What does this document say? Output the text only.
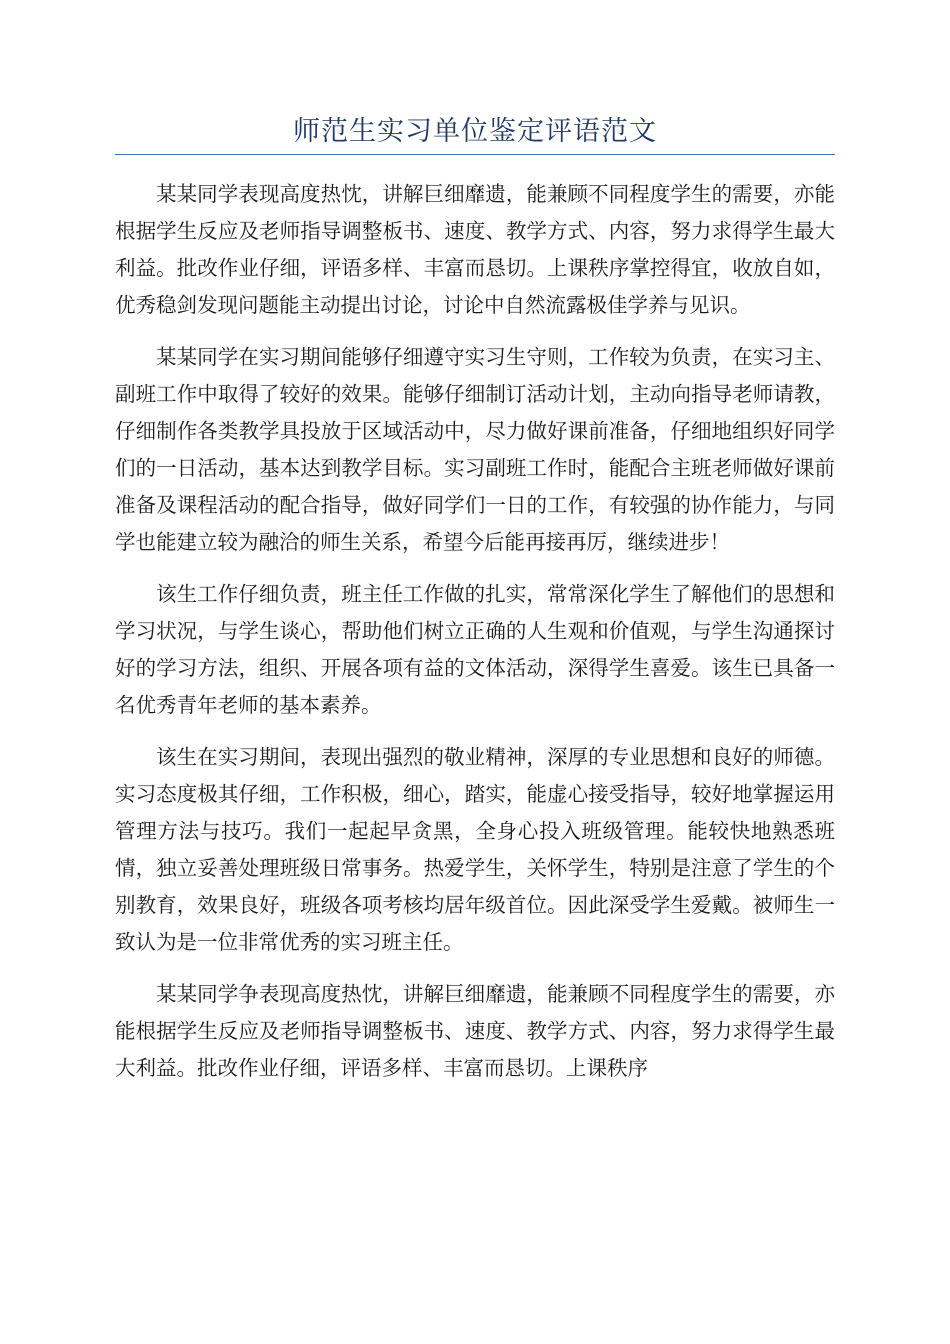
师范生实习单位鉴定评语范文

某某同学表现高度热忱，讲解巨细靡遗，能兼顾不同程度学生的需要，亦能根据学生反应及老师指导调整板书、速度、教学方式、内容，努力求得学生最大利益。批改作业仔细，评语多样、丰富而恳切。上课秩序掌控得宜，收放自如，优秀稳剑发现问题能主动提出讨论，讨论中自然流露极佳学养与见识。

某某同学在实习期间能够仔细遵守实习生守则，工作较为负责，在实习主、副班工作中取得了较好的效果。能够仔细制订活动计划，主动向指导老师请教，仔细制作各类教学具投放于区域活动中，尽力做好课前准备，仔细地组织好同学们的一日活动，基本达到教学目标。实习副班工作时，能配合主班老师做好课前准备及课程活动的配合指导，做好同学们一日的工作，有较强的协作能力，与同学也能建立较为融洽的师生关系，希望今后能再接再厉，继续进步！

该生工作仔细负责，班主任工作做的扎实，常常深化学生了解他们的思想和学习状况，与学生谈心，帮助他们树立正确的人生观和价值观，与学生沟通探讨好的学习方法，组织、开展各项有益的文体活动，深得学生喜爱。该生已具备一名优秀青年老师的基本素养。

该生在实习期间，表现出强烈的敬业精神，深厚的专业思想和良好的师德。实习态度极其仔细，工作积极，细心，踏实，能虚心接受指导，较好地掌握运用管理方法与技巧。我们一起起早贪黑，全身心投入班级管理。能较快地熟悉班情，独立妥善处理班级日常事务。热爱学生，关怀学生，特别是注意了学生的个别教育，效果良好，班级各项考核均居年级首位。因此深受学生爱戴。被师生一致认为是一位非常优秀的实习班主任。

某某同学争表现高度热忱，讲解巨细靡遗，能兼顾不同程度学生的需要，亦能根据学生反应及老师指导调整板书、速度、教学方式、内容，努力求得学生最大利益。批改作业仔细，评语多样、丰富而恳切。上课秩序
